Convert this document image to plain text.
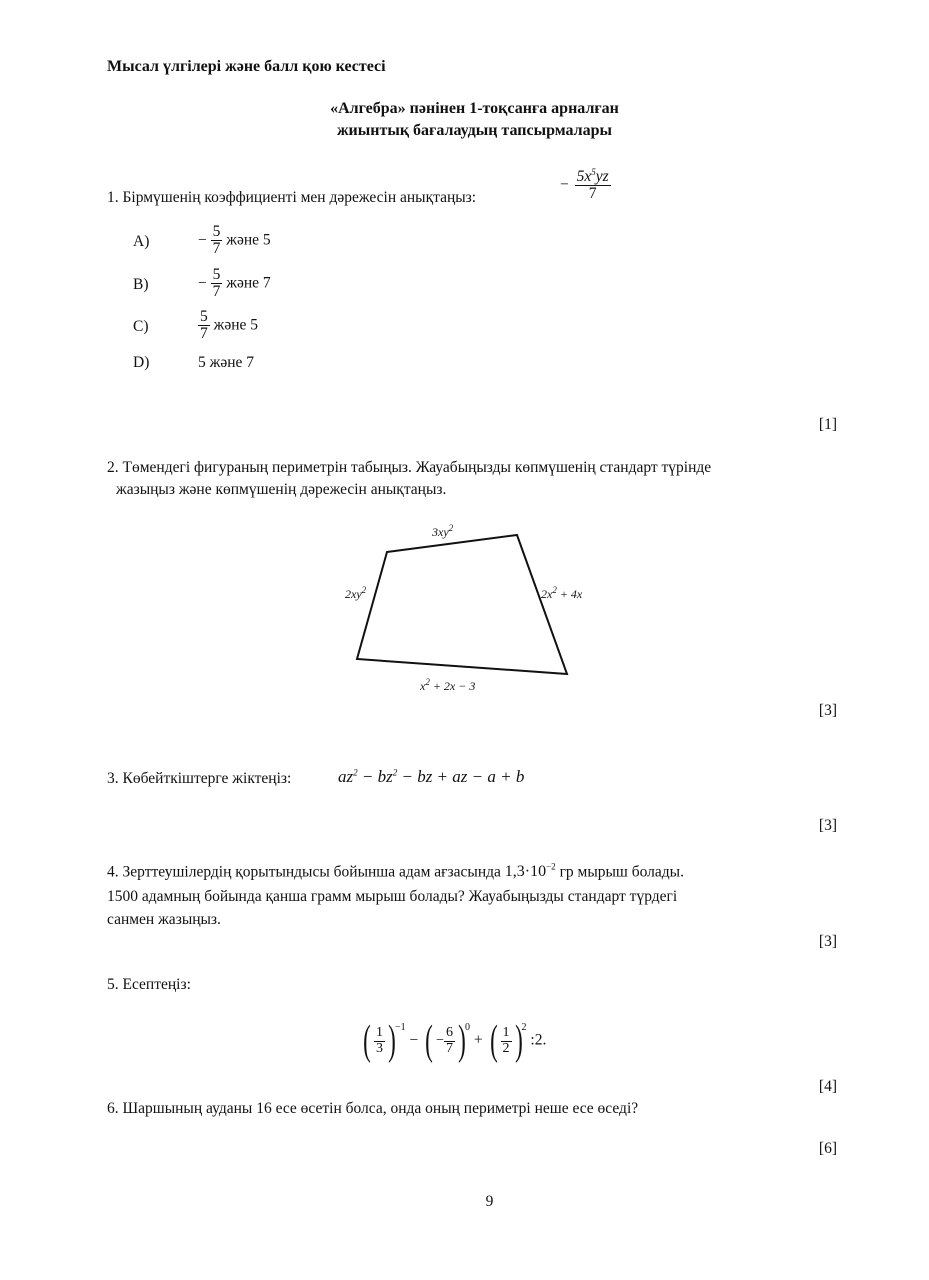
Мысал үлгілері және балл қою кестесі
«Алгебра» пәнінен 1-тоқсанға арналған
жиынтық бағалаудың тапсырмалары
1. Бірмүшенің коэффициенті мен дәрежесін анықтаңыз:
− $\frac{5x^5yz}{7}$
A)	− $\frac{5}{7}$ және 5
B)	− $\frac{5}{7}$ және 7
C)	$\frac{5}{7}$ және 5
D)	5 және 7
[1]
2. Төмендегі фигураның периметрін табыңыз. Жауабыңызды көпмүшенің стандарт түрінде
жазыңыз және көпмүшенің дәрежесін анықтаңыз.
$3xy^2$
$2xy^2$	$2x^2 + 4x$
$x^2 + 2x - 3$
[3]
3. Көбейткіштерге жіктеңіз:	$az^2 - bz^2$ − bz + az − a + b
[3]
4. Зерттеушілердің қорытындысы бойынша адам ағзасында $1,3\cdot 10^{-2}$ гр мырыш болады.
1500 адамның бойында қанша грамм мырыш болады? Жауабыңызды стандарт түрдегі
санмен жазыңыз.
[3]
5. Есептеңіз:
( $\frac{1}{3}$ ) −1
− ( − $\frac{6}{7}$ ) 0
+ ( $\frac{1}{2}$ ) 2
:2.
[4]
6. Шаршының ауданы 16 есе өсетін болса, онда оның периметрі неше есе өседі?
[6]
9
